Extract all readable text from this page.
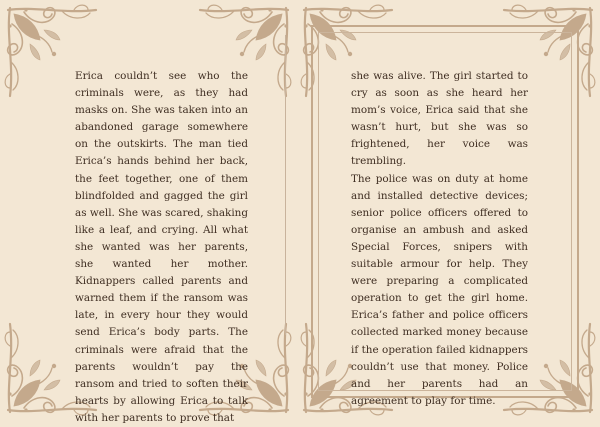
Erica couldn’t see who the criminals were, as they had masks on. She was taken into an abandoned garage somewhere on the outskirts. The man tied Erica’s hands behind her back, the feet together, one of them blindfolded and gagged the girl as well. She was scared, shaking like a leaf, and crying. All what she wanted was her parents, she wanted her mother. Kidnappers called parents and warned them if the ransom was late, in every hour they would send Erica’s body parts. The criminals were afraid that the parents wouldn’t pay the ransom and tried to soften their hearts by allowing Erica to talk with her parents to prove that

she was alive. The girl started to cry as soon as she heard her mom’s voice, Erica said that she wasn’t hurt, but she was so frightened, her voice was trembling.

The police was on duty at home and installed detective devices; senior police officers offered to organise an ambush and asked Special Forces, snipers with suitable armour for help. They were preparing a complicated operation to get the girl home. Erica’s father and police officers collected marked money because if the operation failed kidnappers couldn’t use that money. Police and her parents had an agreement to play for time.
